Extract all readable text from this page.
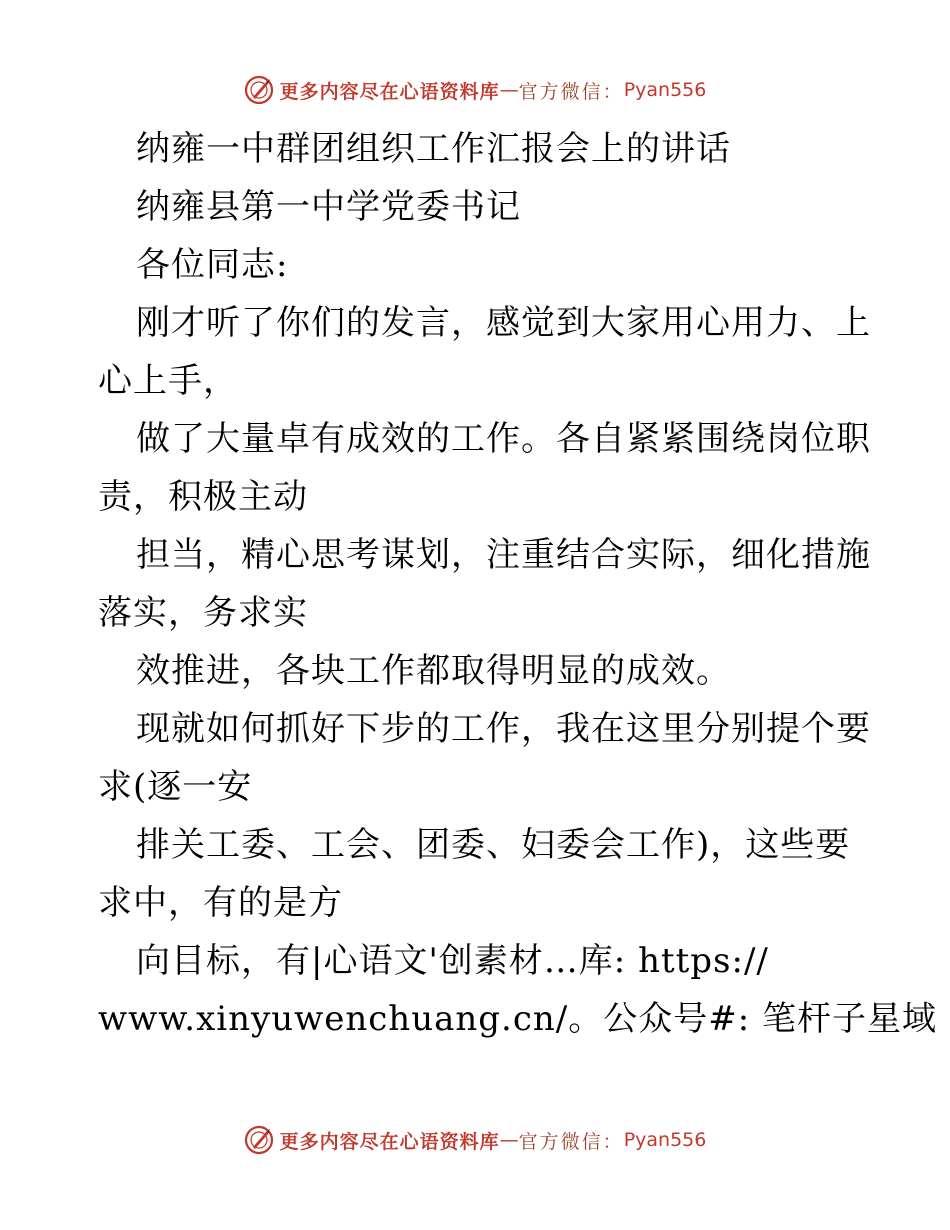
更多内容尽在心语资料库 — 官方微信： Pyan556
纳雍一中群团组织工作汇报会上的讲话
纳雍县第一中学党委书记
各位同志:
刚才听了你们的发言，感觉到大家用心用力、上
心上手，
做了大量卓有成效的工作。各自紧紧围绕岗位职
责，积极主动
担当，精心思考谋划，注重结合实际，细化措施
落实，务求实
效推进，各块工作都取得明显的成效。
现就如何抓好下步的工作，我在这里分别提个要
求(逐一安
排关工委、工会、团委、妇委会工作)，这些要
求中，有的是方
向目标，有|心语文'创素材…库: https://
www.xinyuwenchuang.cn/。公众号#: 笔杆子星域
更多内容尽在心语资料库 — 官方微信： Pyan556
